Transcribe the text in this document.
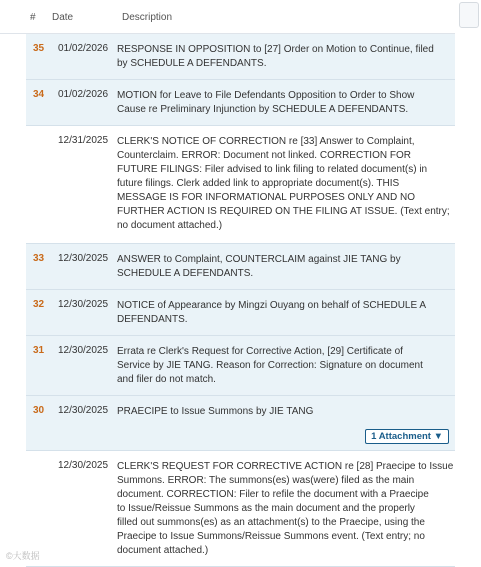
# Date	Description
35 01/02/2026 RESPONSE IN OPPOSITION to [27] Order on Motion to Continue, filed
by SCHEDULE A DEFENDANTS.
34 01/02/2026 MOTION for Leave to File Defendants Opposition to Order to Show
Cause re Preliminary Injunction by SCHEDULE A DEFENDANTS.
12/31/2025 CLERK'S NOTICE OF CORRECTION re [33] Answer to Complaint,
Counterclaim. ERROR: Document not linked. CORRECTION FOR
FUTURE FILINGS: Filer advised to link filing to related document(s) in
future filings. Clerk added link to appropriate document(s). THIS
MESSAGE IS FOR INFORMATIONAL PURPOSES ONLY AND NO
FURTHER ACTION IS REQUIRED ON THE FILING AT ISSUE. (Text entry;
no document attached.)
33 12/30/2025 ANSWER to Complaint, COUNTERCLAIM against JIE TANG by
SCHEDULE A DEFENDANTS.
32 12/30/2025 NOTICE of Appearance by Mingzi Ouyang on behalf of SCHEDULE A
DEFENDANTS.
31 12/30/2025 Errata re Clerk's Request for Corrective Action, [29] Certificate of
Service by JIE TANG. Reason for Correction: Signature on document
and filer do not match.
30 12/30/2025 PRAECIPE to Issue Summons by JIE TANG
1 Attachment ▼
12/30/2025 CLERK'S REQUEST FOR CORRECTIVE ACTION re [28] Praecipe to Issue
Summons. ERROR: The summons(es) was(were) filed as the main
document. CORRECTION: Filer to refile the document with a Praecipe
to Issue/Reissue Summons as the main document and the properly
filled out summons(es) as an attachment(s) to the Praecipe, using the
Praecipe to Issue Summons/Reissue Summons event. (Text entry; no
document attached.)
©​大数据
